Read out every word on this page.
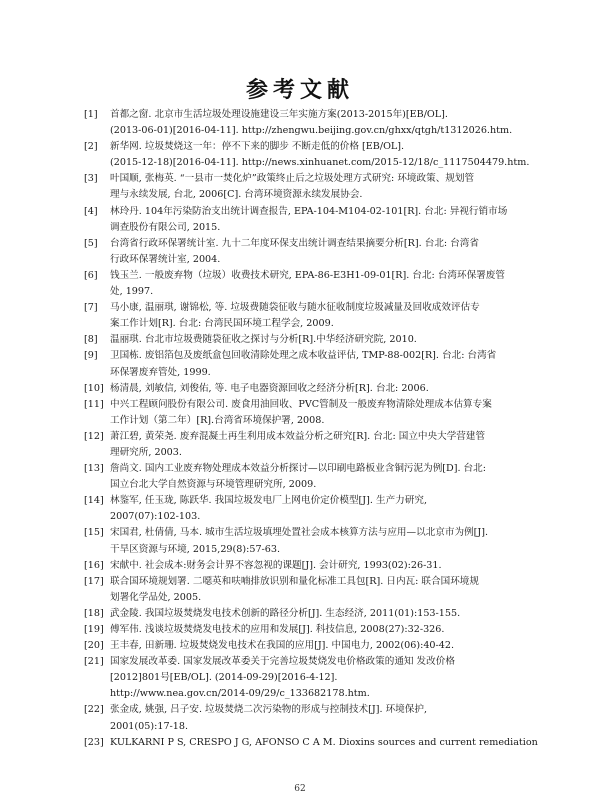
参考文献
[1]	首都之窗. 北京市生活垃圾处理设施建设三年实施方案(2013-2015年)[EB/OL].
(2013-06-01)[2016-04-11]. http://zhengwu.beijing.gov.cn/ghxx/qtgh/t1312026.htm.
[2]	新华网. 垃圾焚烧这一年：停不下来的脚步 不断走低的价格 [EB/OL].
(2015-12-18)[2016-04-11]. http://news.xinhuanet.com/2015-12/18/c_1117504479.htm.
[3]	叶国顺, 张梅英. “一县市一焚化炉”政策终止后之垃圾处理方式研究: 环境政策、规划管
理与永续发展, 台北, 2006[C]. 台湾环境资源永续发展协会.
[4]	林玲丹. 104年污染防治支出统计调查报告, EPA-104-M104-02-101[R]. 台北: 异视行销市场
调查股份有限公司, 2015.
[5]	台湾省行政环保署统计室. 九十二年度环保支出统计调查结果摘要分析[R]. 台北: 台湾省
行政环保署统计室, 2004.
[6]	钱玉兰. 一般废弃物（垃圾）收费技术研究, EPA-86-E3H1-09-01[R]. 台北: 台湾环保署废管
处, 1997.
[7]	马小康, 温丽琪, 谢锦松, 等. 垃圾费随袋征收与随水征收制度垃圾减量及回收成效评估专
案工作计划[R]. 台北: 台湾民国环境工程学会, 2009.
[8]	温丽琪. 台北市垃圾费随袋征收之探讨与分析[R].中华经济研究院, 2010.
[9]	卫国栋. 废铝箔包及废纸盒包回收清除处理之成本收益评估, TMP-88-002[R]. 台北: 台湾省
环保署废弃管处, 1999.
[10] 杨清晨, 刘敏信, 刘俊佑, 等. 电子电器资源回收之经济分析[R]. 台北: 2006.
[11] 中兴工程顾问股份有限公司. 废食用油回收、PVC管制及一般废弃物清除处理成本估算专案
工作计划（第二年）[R].台湾省环境保护署, 2008.
[12] 萧江碧, 黄荣尧. 废弃混凝土再生利用成本效益分析之研究[R]. 台北: 国立中央大学营建管
理研究所, 2003.
[13] 詹尚文. 国内工业废弃物处理成本效益分析探讨—以印刷电路板业含铜污泥为例[D]. 台北:
国立台北大学自然资源与环境管理研究所, 2009.
[14] 林鉴军, 任玉珑, 陈跃华. 我国垃圾发电厂上网电价定价模型[J]. 生产力研究,
2007(07):102-103.
[15] 宋国君, 杜倩倩, 马本. 城市生活垃圾填埋处置社会成本核算方法与应用—以北京市为例[J].
干旱区资源与环境, 2015,29(8):57-63.
[16] 宋献中. 社会成本:财务会计界不容忽视的课题[J]. 会计研究, 1993(02):26-31.
[17] 联合国环境规划署. 二噁英和呋喃排放识别和量化标准工具包[R]. 日内瓦: 联合国环境规
划署化学品处, 2005.
[18] 武金陵. 我国垃圾焚烧发电技术创新的路径分析[J]. 生态经济, 2011(01):153-155.
[19] 傅军伟. 浅谈垃圾焚烧发电技术的应用和发展[J]. 科技信息, 2008(27):32-326.
[20] 王丰春, 田新珊. 垃圾焚烧发电技术在我国的应用[J]. 中国电力, 2002(06):40-42.
[21] 国家发展改革委. 国家发展改革委关于完善垃圾焚烧发电价格政策的通知 发改价格
[2012]801号[EB/OL]. (2014-09-29)[2016-4-12].
http://www.nea.gov.cn/2014-09/29/c_133682178.htm.
[22] 张金成, 姚强, 吕子安. 垃圾焚烧二次污染物的形成与控制技术[J]. 环境保护,
2001(05):17-18.
[23] KULKARNI P S, CRESPO J G, AFONSO C A M. Dioxins sources and current remediation
62
